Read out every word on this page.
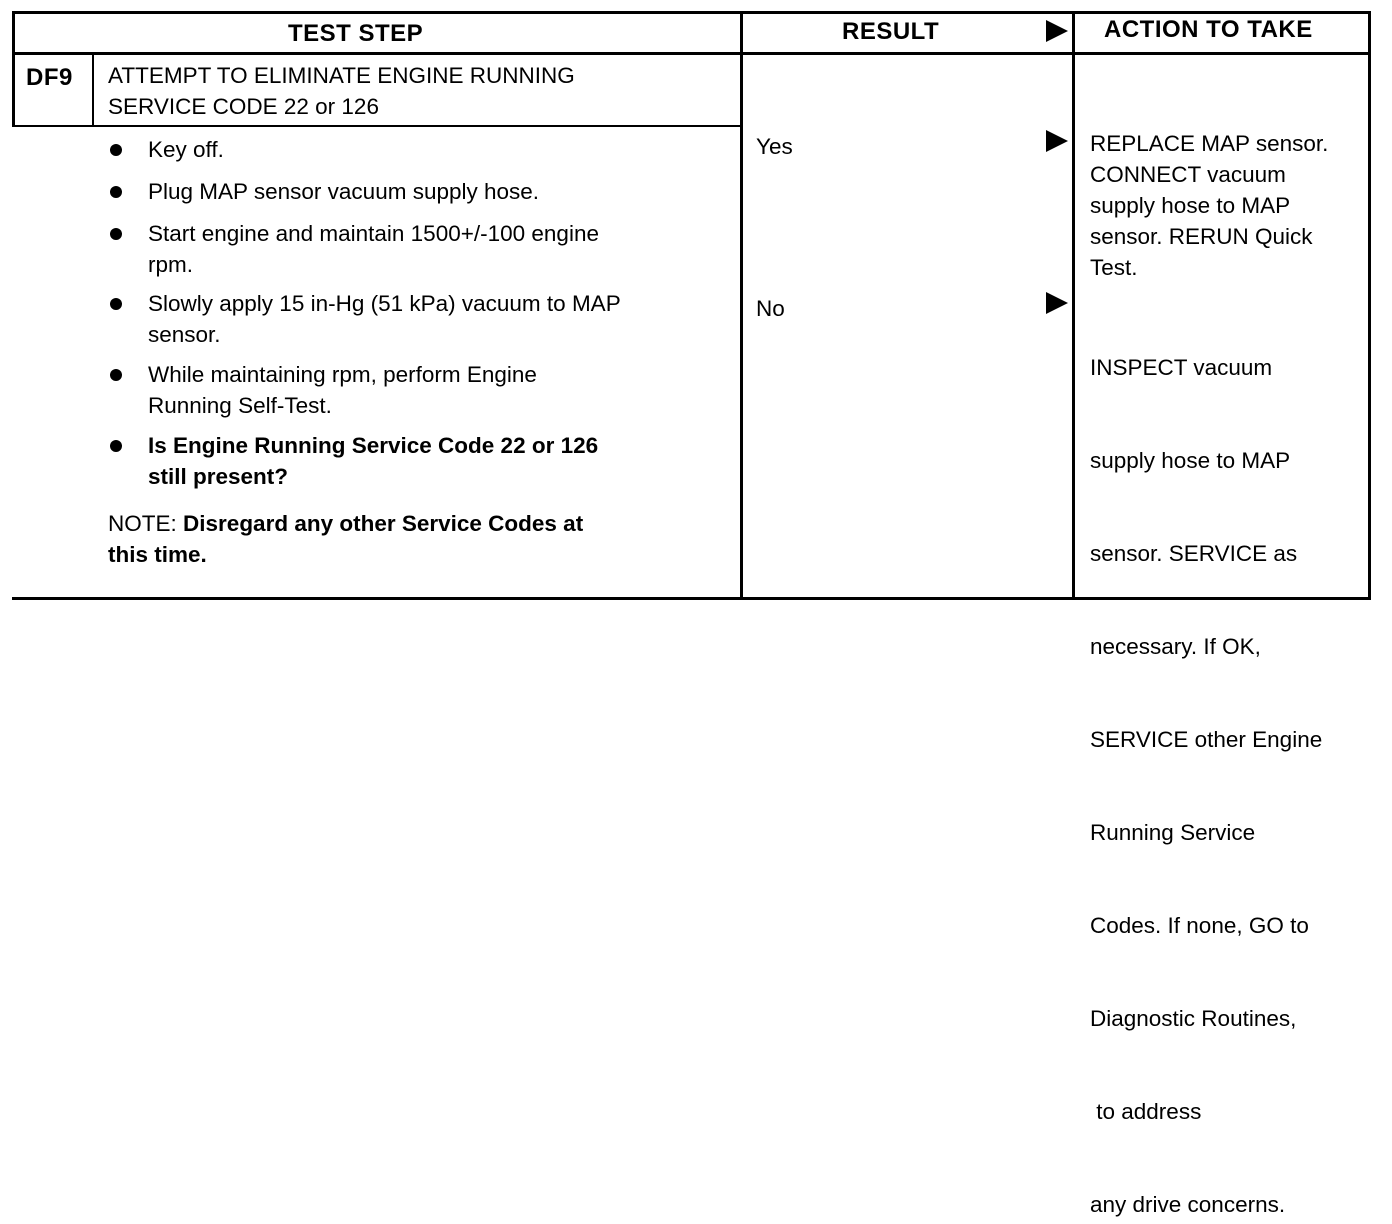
TEST STEP	RESULT	ACTION TO TAKE
DF9 ATTEMPT TO ELIMINATE ENGINE RUNNING
SERVICE CODE 22 or 126
Key off.
Plug MAP sensor vacuum supply hose.
Start engine and maintain 1500+/-100 engine
rpm.
Slowly apply 15 in-Hg (51 kPa) vacuum to MAP
sensor.
While maintaining rpm, perform Engine
Running Self-Test.
Is Engine Running Service Code 22 or 126
still present?
NOTE: Disregard any other Service Codes at
this time.
Yes
No
REPLACE MAP sensor.
CONNECT vacuum
supply hose to MAP
sensor. RERUN Quick
Test.

INSPECT vacuum

supply hose to MAP

sensor. SERVICE as

necessary. If OK,

SERVICE other Engine

Running Service

Codes. If none, GO to

Diagnostic Routines,

to address

any drive concerns.
